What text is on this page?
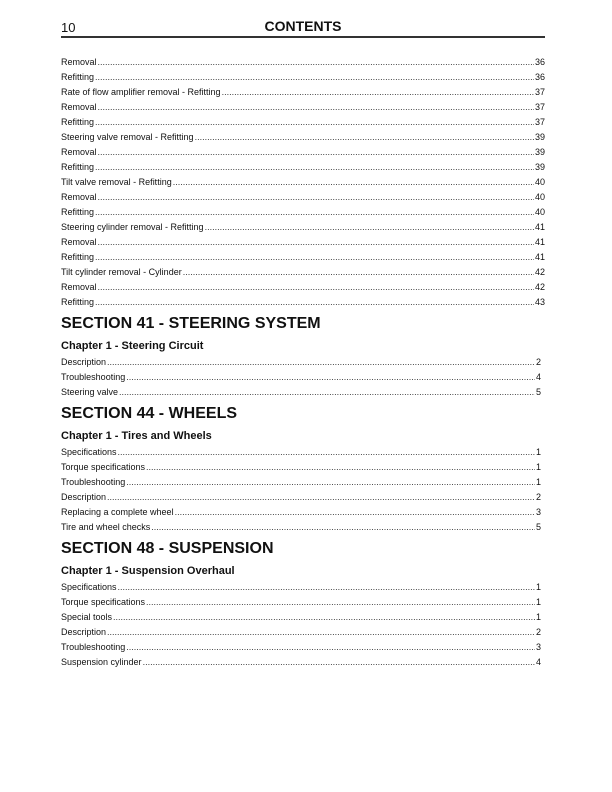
10	CONTENTS
Removal .....	36
Refitting .....	36
Rate of flow amplifier removal - Refitting .....	37
Removal .....	37
Refitting .....	37
Steering valve removal - Refitting .....	39
Removal .....	39
Refitting .....	39
Tilt valve removal - Refitting .....	40
Removal .....	40
Refitting .....	40
Steering cylinder removal - Refitting .....	41
Removal .....	41
Refitting .....	41
Tilt cylinder removal - Cylinder .....	42
Removal .....	42
Refitting .....	43
SECTION 41 - STEERING SYSTEM
Chapter 1 - Steering Circuit
Description .....	2
Troubleshooting .....	4
Steering valve .....	5
SECTION 44 - WHEELS
Chapter 1 - Tires and Wheels
Specifications .....	1
Torque specifications .....	1
Troubleshooting .....	1
Description .....	2
Replacing a complete wheel .....	3
Tire and wheel checks .....	5
SECTION 48 - SUSPENSION
Chapter 1 - Suspension Overhaul
Specifications .....	1
Torque specifications .....	1
Special tools .....	1
Description .....	2
Troubleshooting .....	3
Suspension cylinder .....	4
